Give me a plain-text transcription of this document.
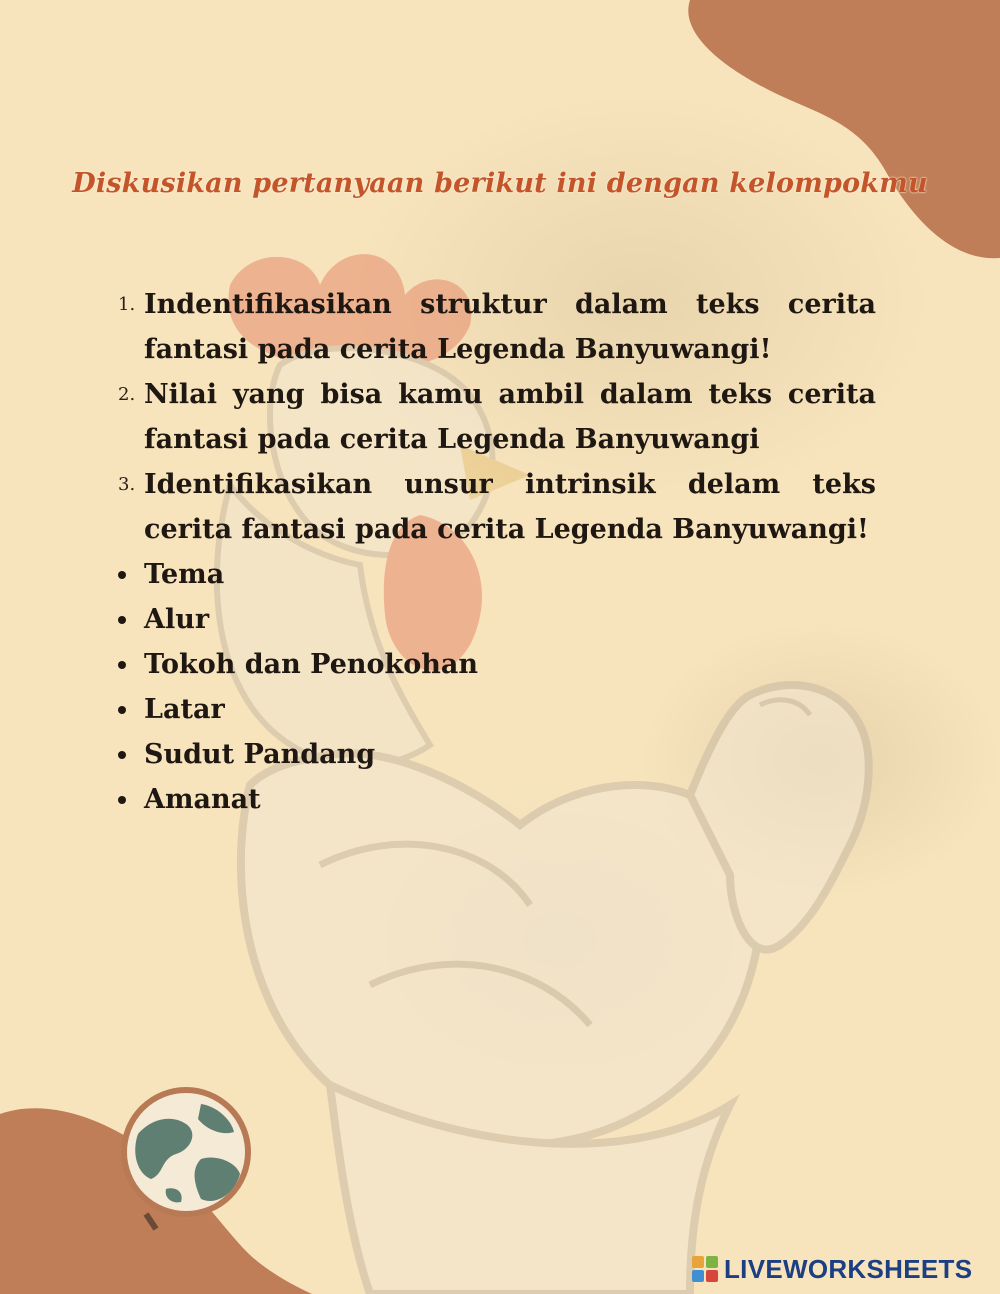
Diskusikan pertanyaan berikut ini dengan kelompokmu
1. Indentifikasikan struktur dalam teks cerita fantasi pada cerita Legenda Banyuwangi!
2. Nilai yang bisa kamu ambil dalam teks cerita fantasi pada cerita Legenda Banyuwangi
3. Identifikasikan unsur intrinsik delam teks cerita fantasi pada cerita Legenda Banyuwangi!
Tema
Alur
Tokoh dan Penokohan
Latar
Sudut Pandang
Amanat
LIVEWORKSHEETS
